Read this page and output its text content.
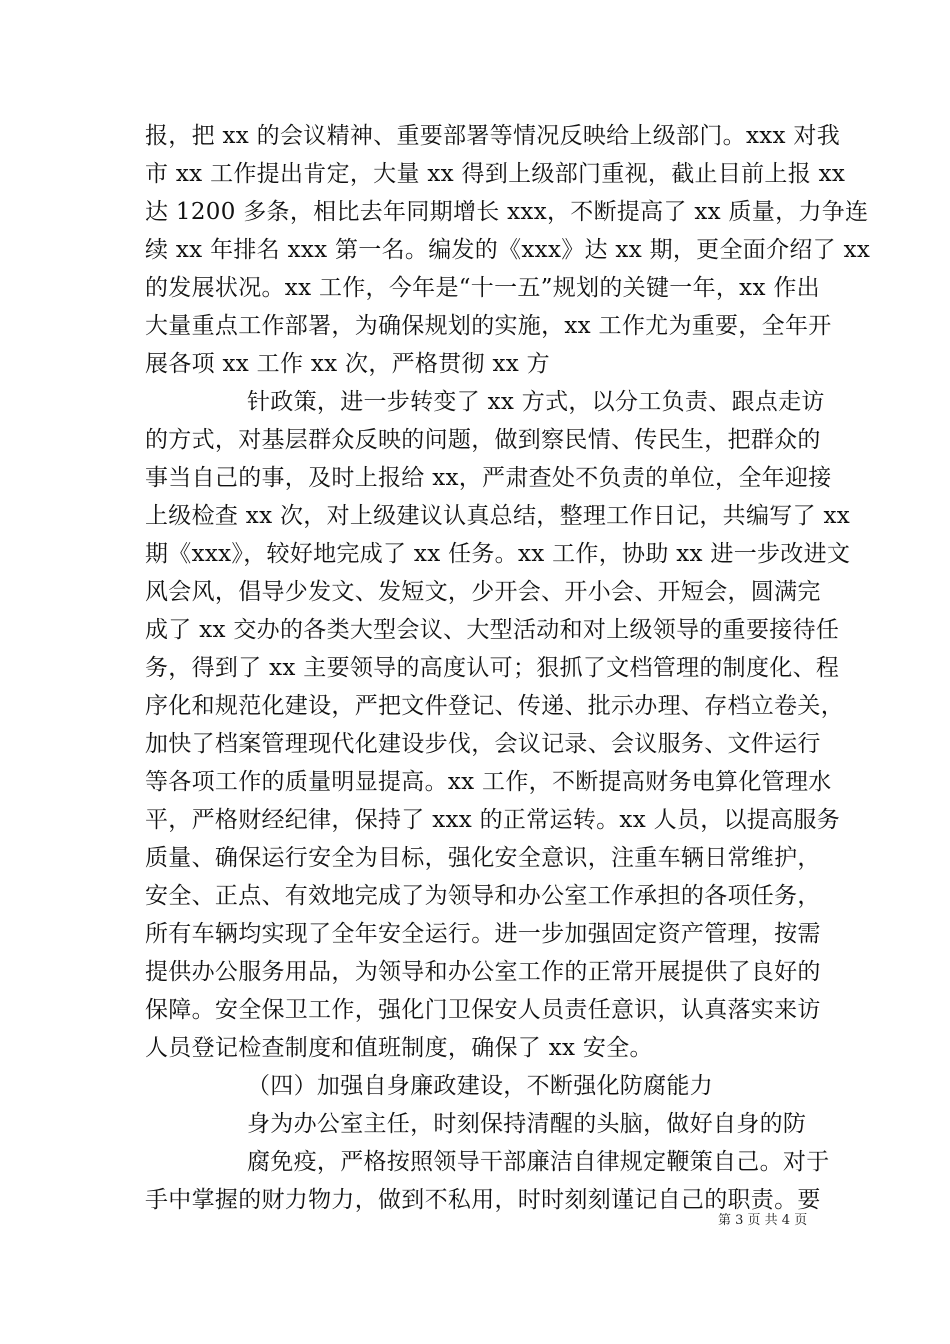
报，把 xx 的会议精神、重要部署等情况反映给上级部门。xxx 对我
市 xx 工作提出肯定，大量 xx 得到上级部门重视，截止目前上报 xx
达 1200 多条，相比去年同期增长 xxx，不断提高了 xx 质量，力争连
续 xx 年排名 xxx 第一名。编发的《xxx》达 xx 期，更全面介绍了 xx
的发展状况。xx 工作，今年是“十一五”规划的关键一年，xx 作出
大量重点工作部署，为确保规划的实施，xx 工作尤为重要，全年开
展各项 xx 工作 xx 次，严格贯彻 xx 方
针政策，进一步转变了 xx 方式，以分工负责、跟点走访
的方式，对基层群众反映的问题，做到察民情、传民生，把群众的
事当自己的事，及时上报给 xx，严肃查处不负责的单位，全年迎接
上级检查 xx 次，对上级建议认真总结，整理工作日记，共编写了 xx
期《xxx》，较好地完成了 xx 任务。xx 工作，协助 xx 进一步改进文
风会风，倡导少发文、发短文，少开会、开小会、开短会，圆满完
成了 xx 交办的各类大型会议、大型活动和对上级领导的重要接待任
务，得到了 xx 主要领导的高度认可；狠抓了文档管理的制度化、程
序化和规范化建设，严把文件登记、传递、批示办理、存档立卷关，
加快了档案管理现代化建设步伐，会议记录、会议服务、文件运行
等各项工作的质量明显提高。xx 工作，不断提高财务电算化管理水
平，严格财经纪律，保持了 xxx 的正常运转。xx 人员，以提高服务
质量、确保运行安全为目标，强化安全意识，注重车辆日常维护，
安全、正点、有效地完成了为领导和办公室工作承担的各项任务，
所有车辆均实现了全年安全运行。进一步加强固定资产管理，按需
提供办公服务用品，为领导和办公室工作的正常开展提供了良好的
保障。安全保卫工作，强化门卫保安人员责任意识，认真落实来访
人员登记检查制度和值班制度，确保了 xx 安全。
（四）加强自身廉政建设，不断强化防腐能力
身为办公室主任，时刻保持清醒的头脑，做好自身的防
腐免疫，严格按照领导干部廉洁自律规定鞭策自己。对于
手中掌握的财力物力，做到不私用，时时刻刻谨记自己的职责。要
第 3 页 共 4 页
